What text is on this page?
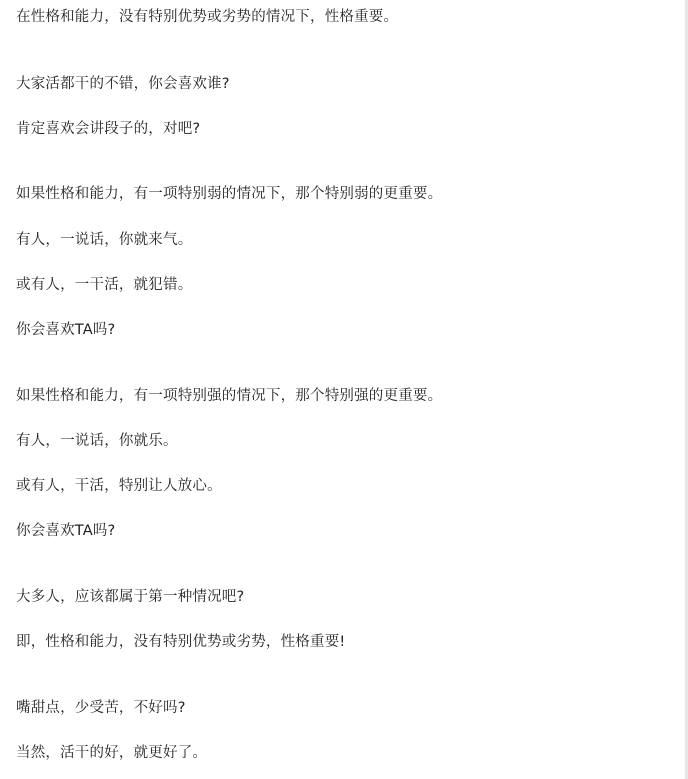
在性格和能力，没有特别优势或劣势的情况下，性格重要。
大家活都干的不错，你会喜欢谁?
肯定喜欢会讲段子的，对吧?
如果性格和能力，有一项特别弱的情况下，那个特别弱的更重要。
有人，一说话，你就来气。
或有人，一干活，就犯错。
你会喜欢TA吗?
如果性格和能力，有一项特别强的情况下，那个特别强的更重要。
有人，一说话，你就乐。
或有人，干活，特别让人放心。
你会喜欢TA吗?
大多人，应该都属于第一种情况吧?
即，性格和能力，没有特别优势或劣势，性格重要!
嘴甜点，少受苦，不好吗?
当然，活干的好，就更好了。
